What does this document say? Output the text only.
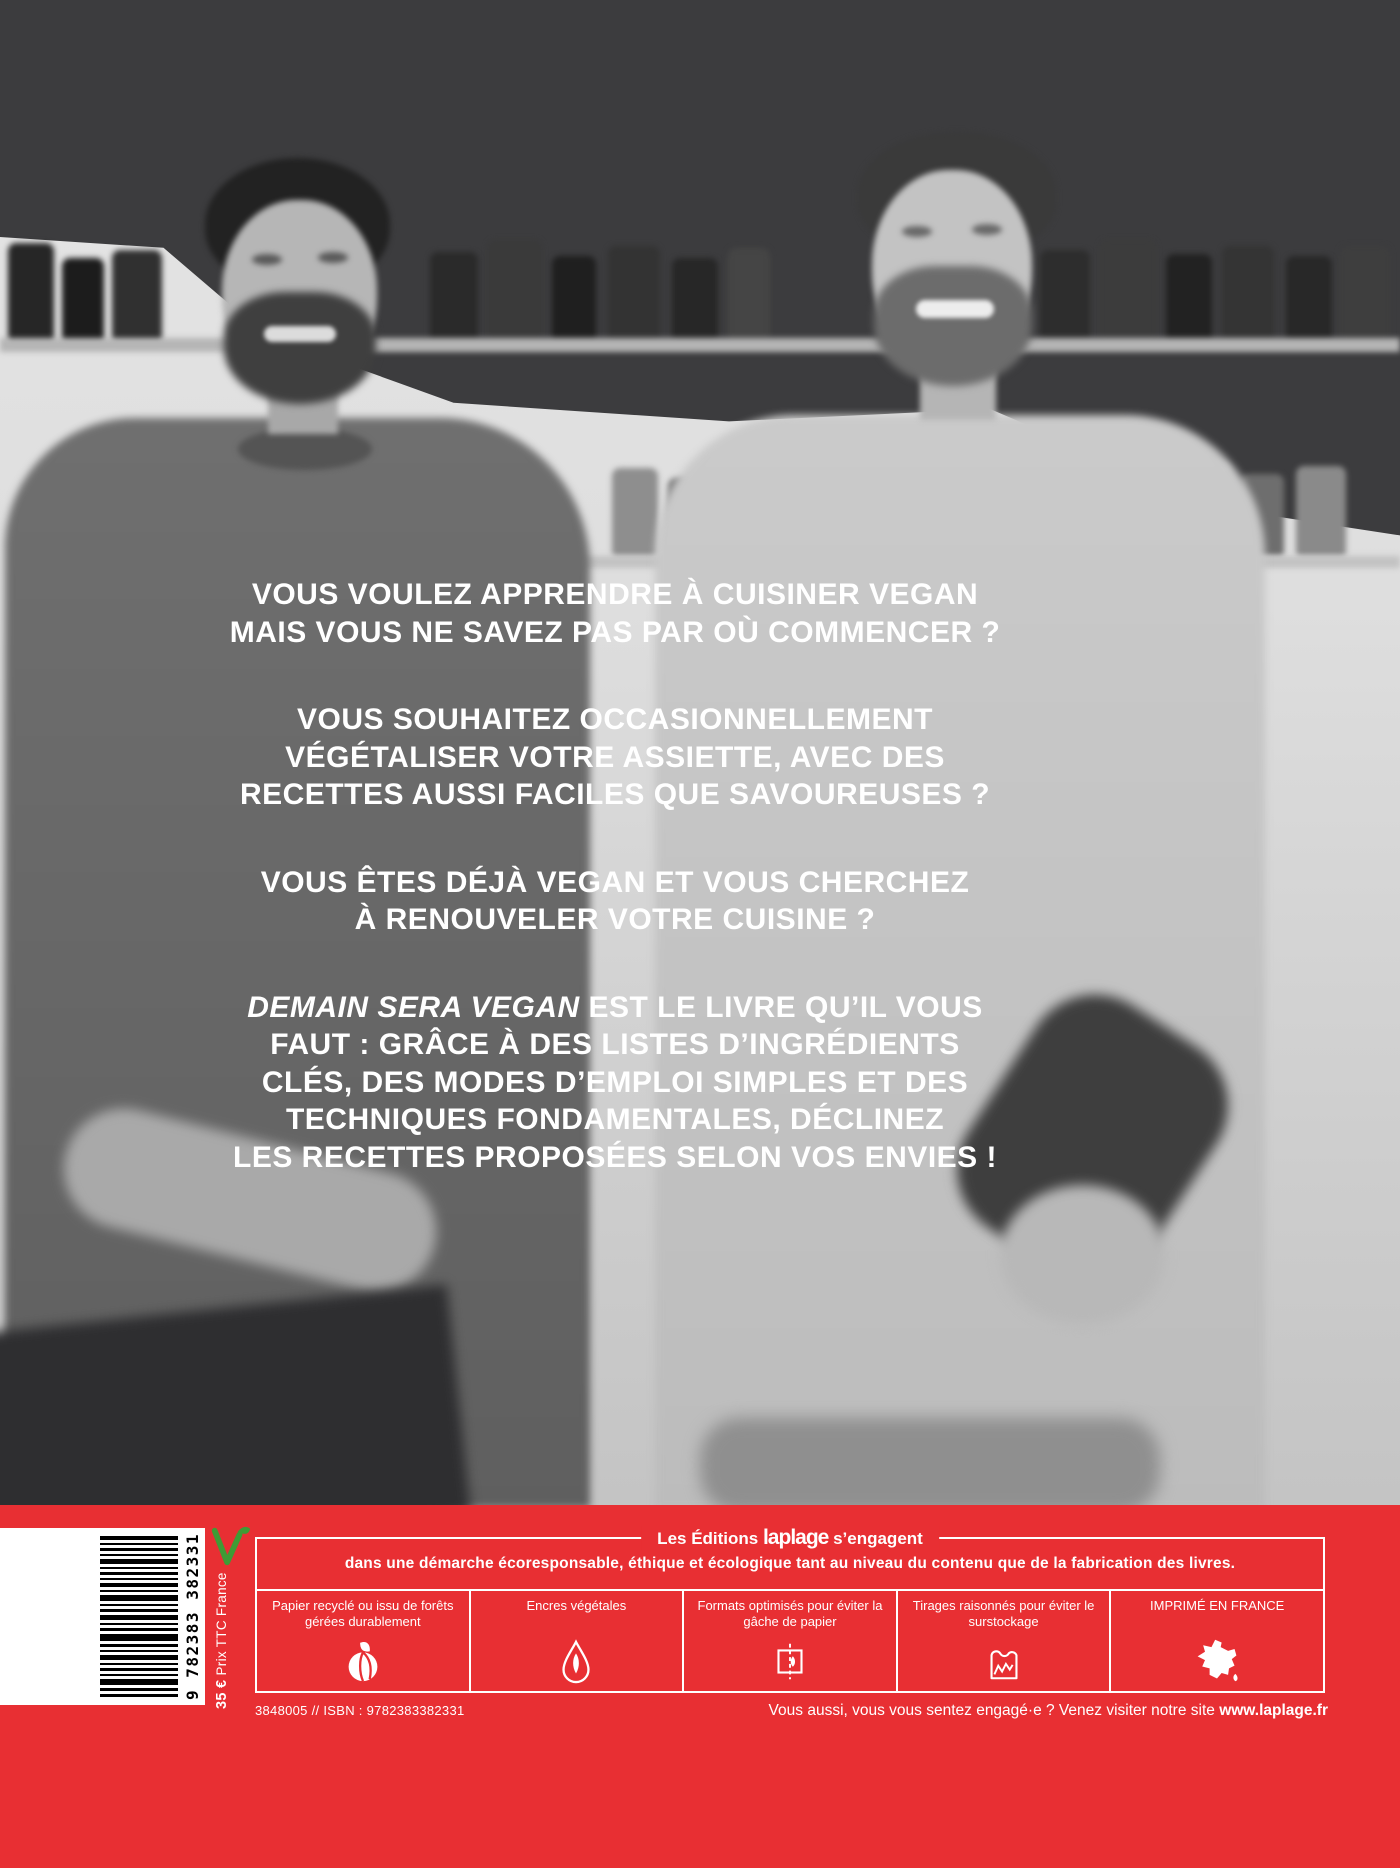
VOUS VOULEZ APPRENDRE À CUISINER VEGAN
MAIS VOUS NE SAVEZ PAS PAR OÙ COMMENCER ?
VOUS SOUHAITEZ OCCASIONNELLEMENT
VÉGÉTALISER VOTRE ASSIETTE, AVEC DES
RECETTES AUSSI FACILES QUE SAVOUREUSES ?
VOUS ÊTES DÉJÀ VEGAN ET VOUS CHERCHEZ
À RENOUVELER VOTRE CUISINE ?
DEMAIN SERA VEGAN EST LE LIVRE QU’IL VOUS
FAUT : GRÂCE À DES LISTES D’INGRÉDIENTS
CLÉS, DES MODES D’EMPLOI SIMPLES ET DES
TECHNIQUES FONDAMENTALES, DÉCLINEZ
LES RECETTES PROPOSÉES SELON VOS ENVIES !
9 782383 382331 35 € Prix TTC France
Les Éditions laplage s’engagent
dans une démarche écoresponsable, éthique et écologique tant au niveau du contenu que de la fabrication des livres.
Papier recyclé ou issu de forêts gérées durablement
Encres végétales	Formats optimisés pour éviter la gâche de papier
Tirages raisonnés pour éviter le surstockage
IMPRIMÉ EN FRANCE
3848005 // ISBN : 9782383382331	Vous aussi, vous vous sentez engagé·e ? Venez visiter notre site www.laplage.fr
